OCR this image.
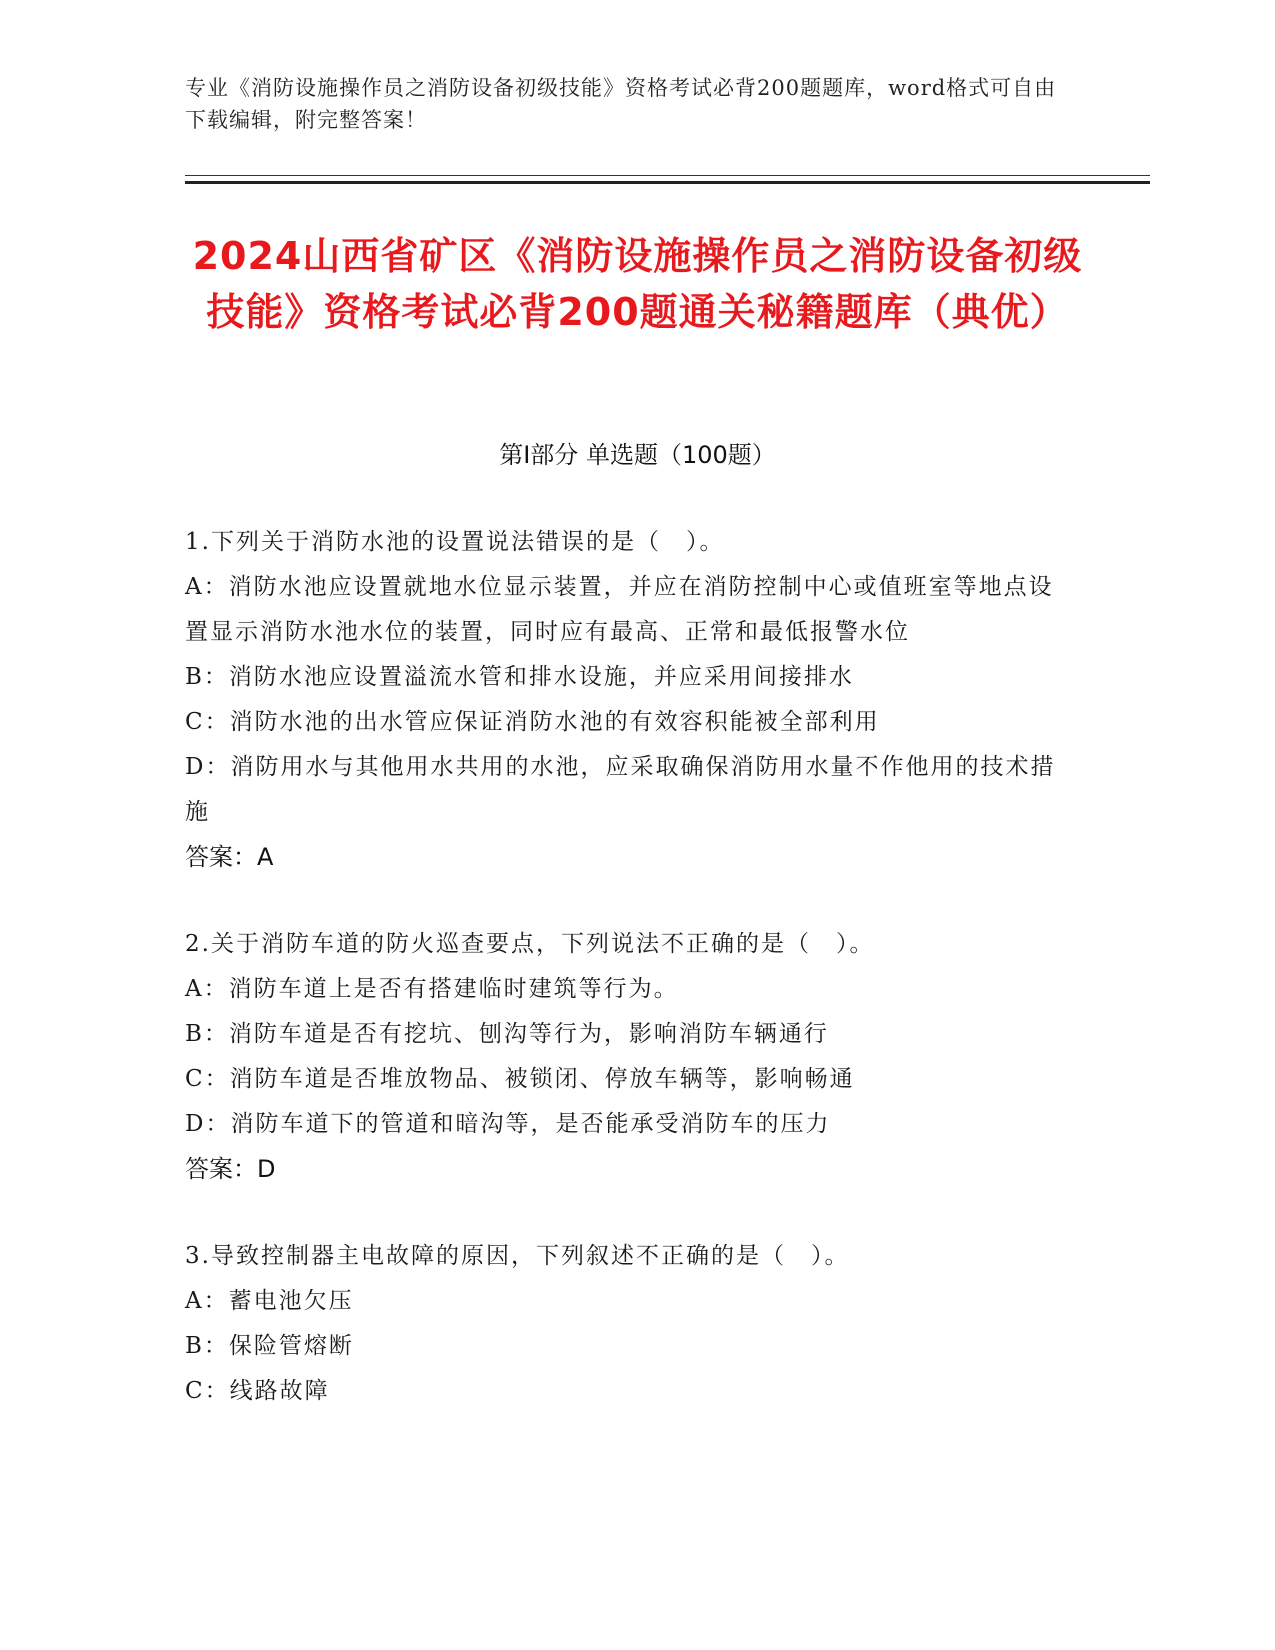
专业《消防设施操作员之消防设备初级技能》资格考试必背200题题库，word格式可自由下载编辑，附完整答案！
2024山西省矿区《消防设施操作员之消防设备初级技能》资格考试必背200题通关秘籍题库（典优）
第Ⅰ部分 单选题（100题）

1.下列关于消防水池的设置说法错误的是（　）。

A：消防水池应设置就地水位显示装置，并应在消防控制中心或值班室等地点设置显示消防水池水位的装置，同时应有最高、正常和最低报警水位

B：消防水池应设置溢流水管和排水设施，并应采用间接排水

C：消防水池的出水管应保证消防水池的有效容积能被全部利用

D：消防用水与其他用水共用的水池，应采取确保消防用水量不作他用的技术措施

答案：A

2.关于消防车道的防火巡查要点，下列说法不正确的是（　）。

A：消防车道上是否有搭建临时建筑等行为。

B：消防车道是否有挖坑、刨沟等行为，影响消防车辆通行

C：消防车道是否堆放物品、被锁闭、停放车辆等，影响畅通

D：消防车道下的管道和暗沟等，是否能承受消防车的压力

答案：D

3.导致控制器主电故障的原因，下列叙述不正确的是（　）。

A：蓄电池欠压

B：保险管熔断

C：线路故障
